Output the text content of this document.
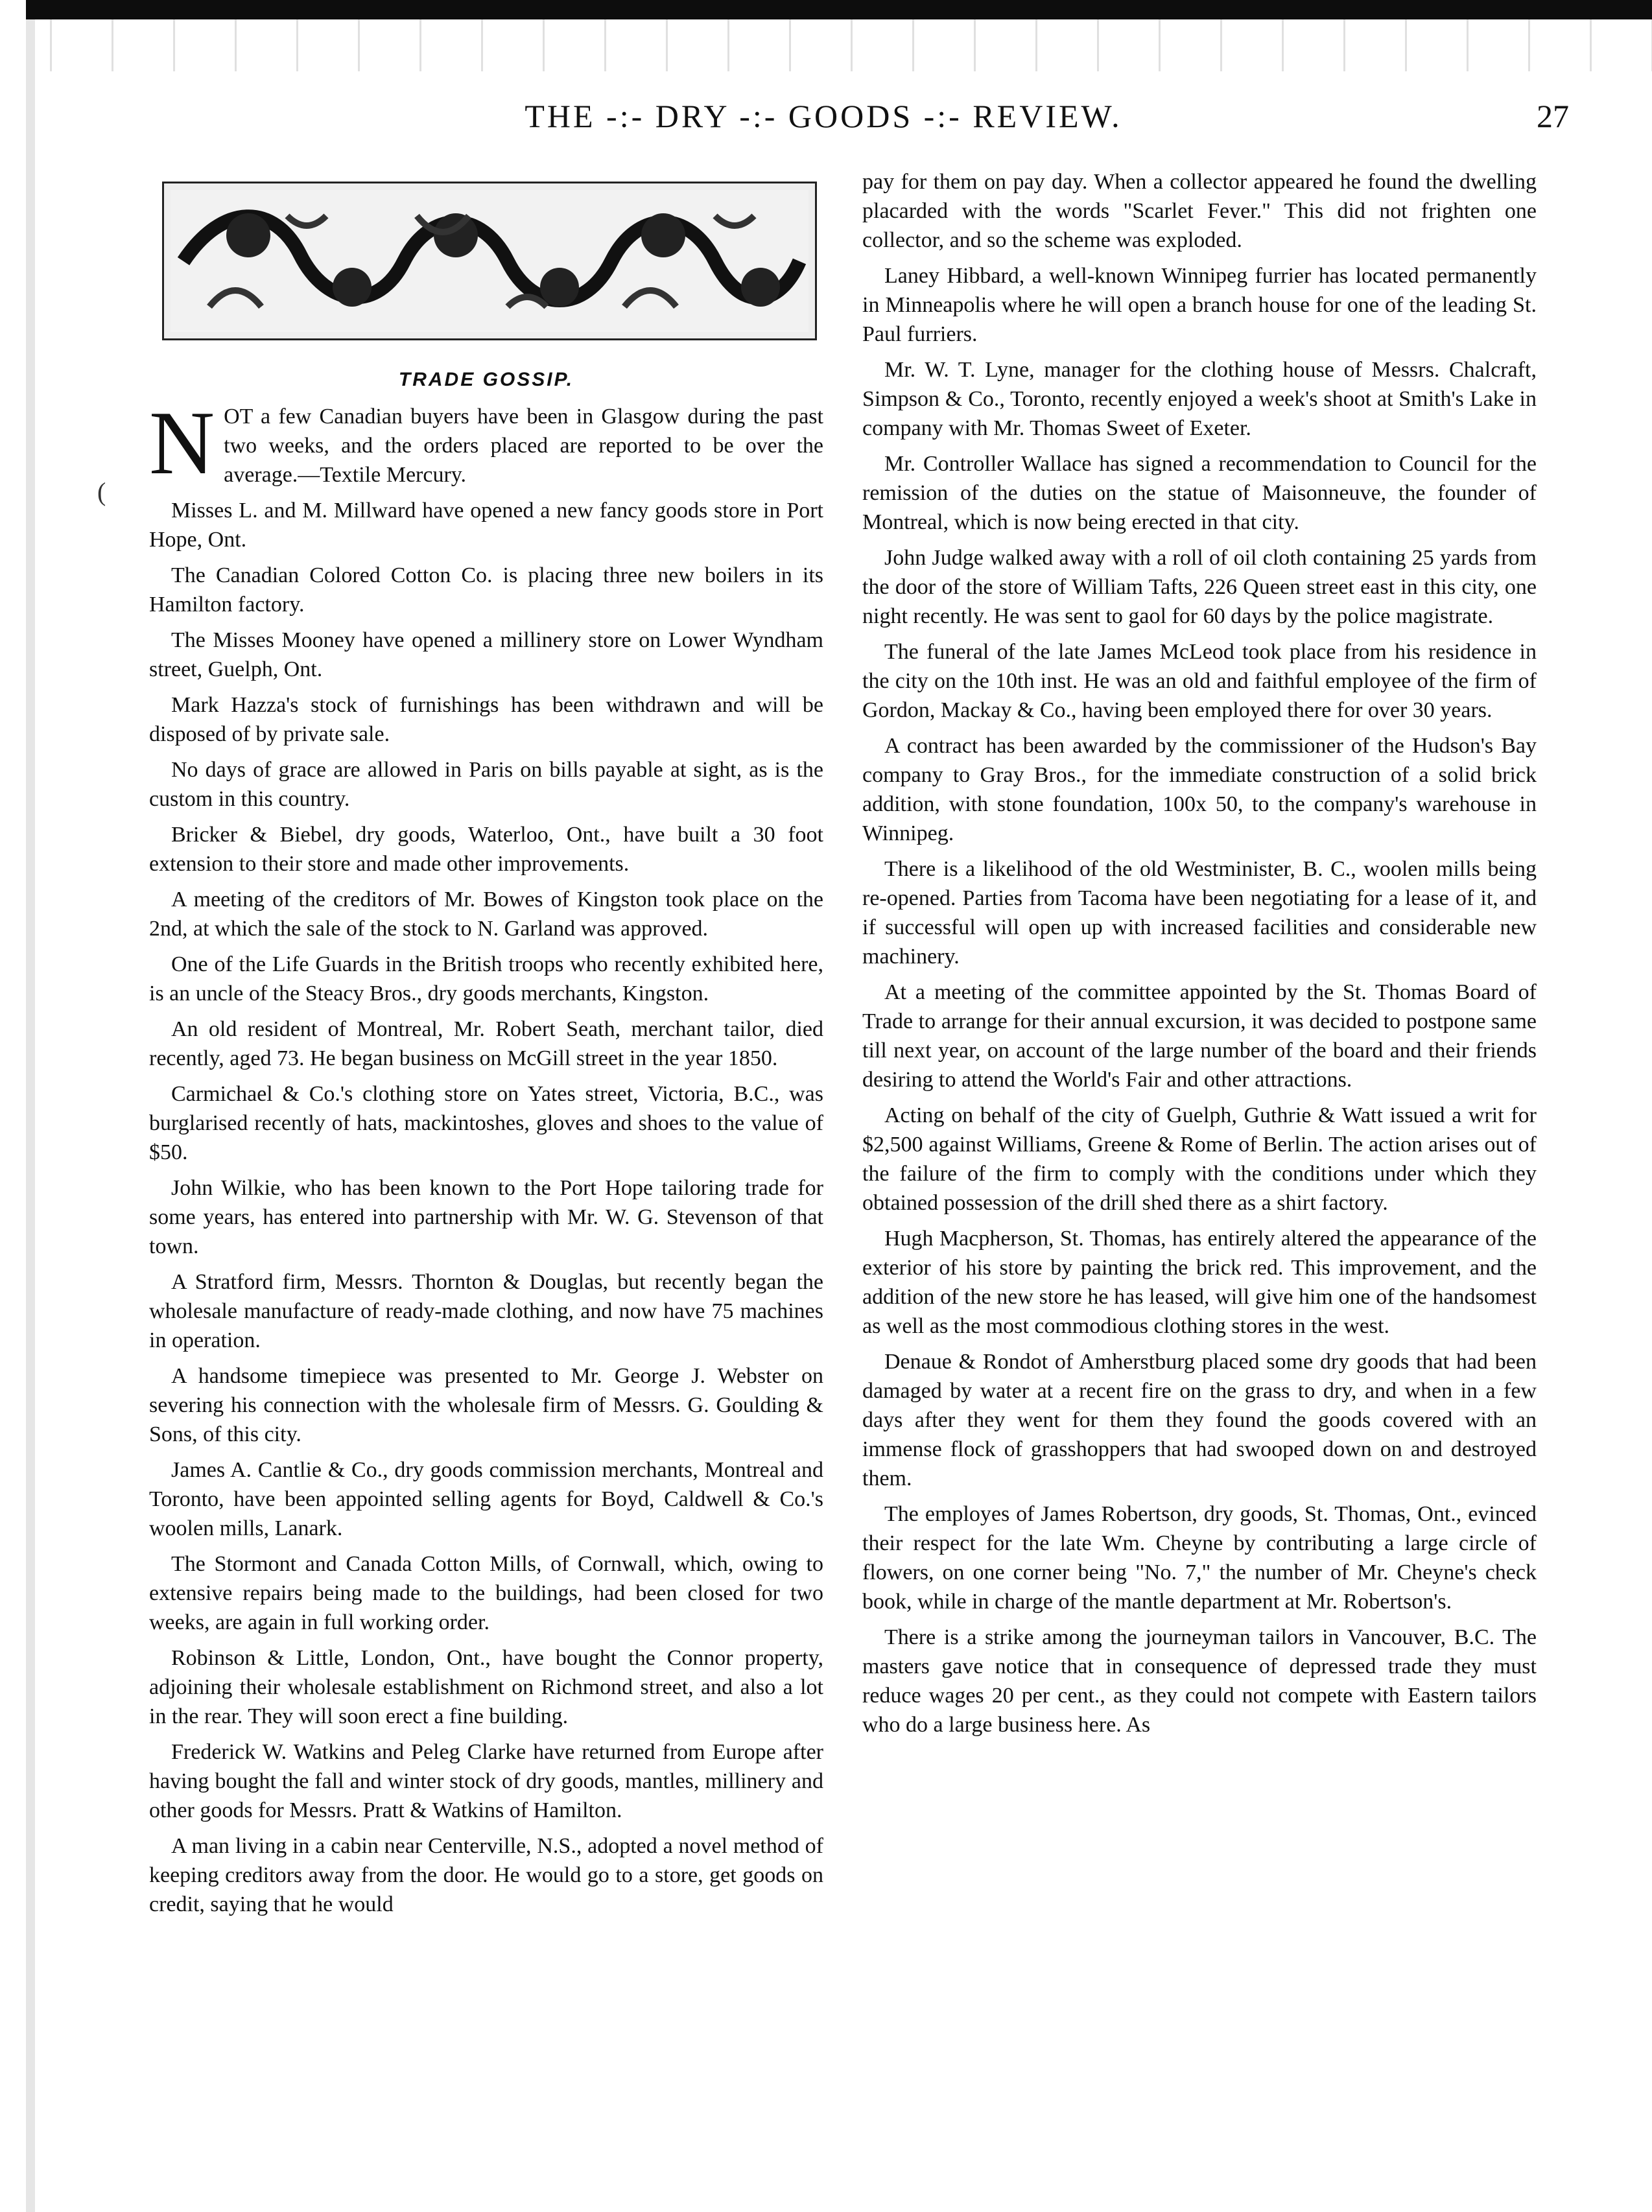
THE -:- DRY -:- GOODS -:- REVIEW.	27
(
TRADE GOSSIP.

NOT a few Canadian buyers have been in Glasgow during the past two weeks, and the orders placed are reported to be over the average.—Textile Mercury.

Misses L. and M. Millward have opened a new fancy goods store in Port Hope, Ont.

The Canadian Colored Cotton Co. is placing three new boilers in its Hamilton factory.

The Misses Mooney have opened a millinery store on Lower Wyndham street, Guelph, Ont.

Mark Hazza's stock of furnishings has been withdrawn and will be disposed of by private sale.

No days of grace are allowed in Paris on bills payable at sight, as is the custom in this country.

Bricker & Biebel, dry goods, Waterloo, Ont., have built a 30 foot extension to their store and made other improvements.

A meeting of the creditors of Mr. Bowes of Kingston took place on the 2nd, at which the sale of the stock to N. Garland was approved.

One of the Life Guards in the British troops who recently exhibited here, is an uncle of the Steacy Bros., dry goods merchants, Kingston.

An old resident of Montreal, Mr. Robert Seath, merchant tailor, died recently, aged 73. He began business on McGill street in the year 1850.

Carmichael & Co.'s clothing store on Yates street, Victoria, B.C., was burglarised recently of hats, mackintoshes, gloves and shoes to the value of $50.

John Wilkie, who has been known to the Port Hope tailoring trade for some years, has entered into partnership with Mr. W. G. Stevenson of that town.

A Stratford firm, Messrs. Thornton & Douglas, but recently began the wholesale manufacture of ready-made clothing, and now have 75 machines in operation.

A handsome timepiece was presented to Mr. George J. Webster on severing his connection with the wholesale firm of Messrs. G. Goulding & Sons, of this city.

James A. Cantlie & Co., dry goods commission merchants, Montreal and Toronto, have been appointed selling agents for Boyd, Caldwell & Co.'s woolen mills, Lanark.

The Stormont and Canada Cotton Mills, of Cornwall, which, owing to extensive repairs being made to the buildings, had been closed for two weeks, are again in full working order.

Robinson & Little, London, Ont., have bought the Connor property, adjoining their wholesale establishment on Richmond street, and also a lot in the rear. They will soon erect a fine building.

Frederick W. Watkins and Peleg Clarke have returned from Europe after having bought the fall and winter stock of dry goods, mantles, millinery and other goods for Messrs. Pratt & Watkins of Hamilton.

A man living in a cabin near Centerville, N.S., adopted a novel method of keeping creditors away from the door. He would go to a store, get goods on credit, saying that he would

pay for them on pay day. When a collector appeared he found the dwelling placarded with the words "Scarlet Fever." This did not frighten one collector, and so the scheme was exploded.

Laney Hibbard, a well-known Winnipeg furrier has located permanently in Minneapolis where he will open a branch house for one of the leading St. Paul furriers.

Mr. W. T. Lyne, manager for the clothing house of Messrs. Chalcraft, Simpson & Co., Toronto, recently enjoyed a week's shoot at Smith's Lake in company with Mr. Thomas Sweet of Exeter.

Mr. Controller Wallace has signed a recommendation to Council for the remission of the duties on the statue of Maisonneuve, the founder of Montreal, which is now being erected in that city.

John Judge walked away with a roll of oil cloth containing 25 yards from the door of the store of William Tafts, 226 Queen street east in this city, one night recently. He was sent to gaol for 60 days by the police magistrate.

The funeral of the late James McLeod took place from his residence in the city on the 10th inst. He was an old and faithful employee of the firm of Gordon, Mackay & Co., having been employed there for over 30 years.

A contract has been awarded by the commissioner of the Hudson's Bay company to Gray Bros., for the immediate construction of a solid brick addition, with stone foundation, 100x 50, to the company's warehouse in Winnipeg.

There is a likelihood of the old Westminister, B. C., woolen mills being re-opened. Parties from Tacoma have been negotiating for a lease of it, and if successful will open up with increased facilities and considerable new machinery.

At a meeting of the committee appointed by the St. Thomas Board of Trade to arrange for their annual excursion, it was decided to postpone same till next year, on account of the large number of the board and their friends desiring to attend the World's Fair and other attractions.

Acting on behalf of the city of Guelph, Guthrie & Watt issued a writ for $2,500 against Williams, Greene & Rome of Berlin. The action arises out of the failure of the firm to comply with the conditions under which they obtained possession of the drill shed there as a shirt factory.

Hugh Macpherson, St. Thomas, has entirely altered the appearance of the exterior of his store by painting the brick red. This improvement, and the addition of the new store he has leased, will give him one of the handsomest as well as the most commodious clothing stores in the west.

Denaue & Rondot of Amherstburg placed some dry goods that had been damaged by water at a recent fire on the grass to dry, and when in a few days after they went for them they found the goods covered with an immense flock of grasshoppers that had swooped down on and destroyed them.

The employes of James Robertson, dry goods, St. Thomas, Ont., evinced their respect for the late Wm. Cheyne by contributing a large circle of flowers, on one corner being "No. 7," the number of Mr. Cheyne's check book, while in charge of the mantle department at Mr. Robertson's.

There is a strike among the journeyman tailors in Vancouver, B.C. The masters gave notice that in consequence of depressed trade they must reduce wages 20 per cent., as they could not compete with Eastern tailors who do a large business here. As
